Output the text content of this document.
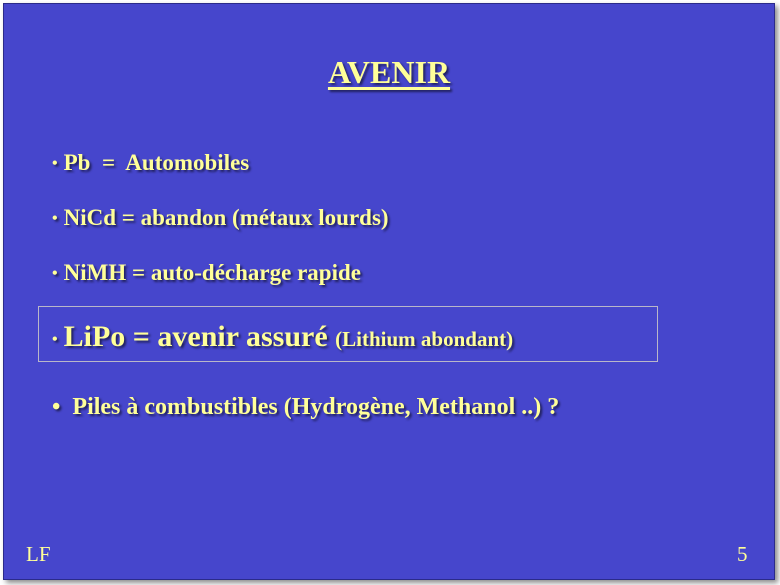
AVENIR
• Pb  =  Automobiles
• NiCd = abandon (métaux lourds)
• NiMH = auto-décharge rapide
• LiPo = avenir assuré (Lithium abondant)
• Piles à combustibles (Hydrogène, Methanol ..) ?
LF	5
